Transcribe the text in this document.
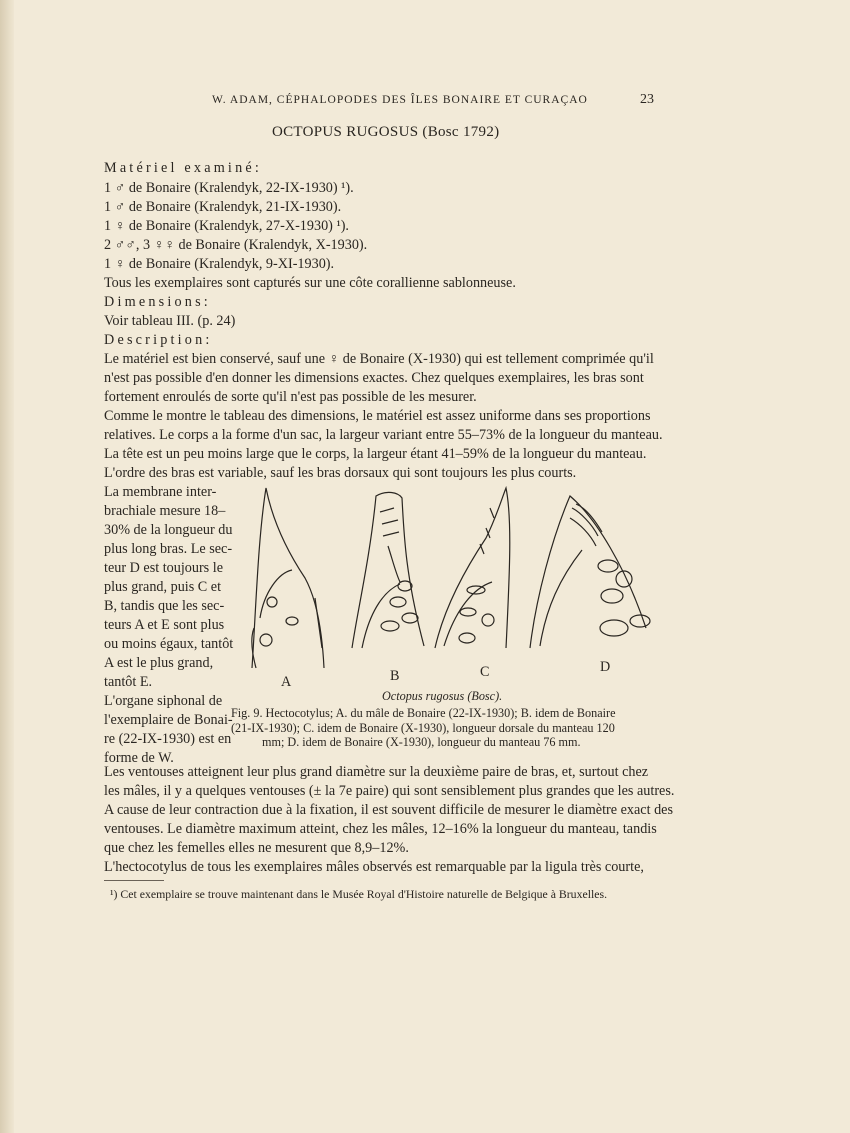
W. ADAM, CÉPHALOPODES DES ÎLES BONAIRE ET CURAÇAO	23
OCTOPUS RUGOSUS (Bosc 1792)
Matériel examiné:
1 ♂ de Bonaire (Kralendyk, 22-IX-1930) ¹).
1 ♂ de Bonaire (Kralendyk, 21-IX-1930).
1 ♀ de Bonaire (Kralendyk, 27-X-1930) ¹).
2 ♂♂, 3 ♀♀ de Bonaire (Kralendyk, X-1930).
1 ♀ de Bonaire (Kralendyk, 9-XI-1930).
Tous les exemplaires sont capturés sur une côte corallienne sablonneuse.
Dimensions:
Voir tableau III. (p. 24)
Description:
Le matériel est bien conservé, sauf une ♀ de Bonaire (X-1930) qui est tellement comprimée qu'il
n'est pas possible d'en donner les dimensions exactes. Chez quelques exemplaires, les bras sont
fortement enroulés de sorte qu'il n'est pas possible de les mesurer.
Comme le montre le tableau des dimensions, le matériel est assez uniforme dans ses proportions
relatives. Le corps a la forme d'un sac, la largeur variant entre 55–73% de la longueur du manteau.
La tête est un peu moins large que le corps, la largeur étant 41–59% de la longueur du manteau.
L'ordre des bras est variable, sauf les bras dorsaux qui sont toujours les plus courts.
La membrane inter-
brachiale mesure 18–
30% de la longueur du
plus long bras. Le sec-
teur D est toujours le
plus grand, puis C et
B, tandis que les sec-
teurs A et E sont plus
ou moins égaux, tantôt
A est le plus grand,
tantôt E.
L'organe siphonal de
l'exemplaire de Bonai-
re (22-IX-1930) est en
forme de W.
A	B	C	D
Octopus rugosus (Bosc).
Fig. 9. Hectocotylus; A. du mâle de Bonaire (22-IX-1930); B. idem de Bonaire
(21-IX-1930); C. idem de Bonaire (X-1930), longueur dorsale du manteau 120
mm; D. idem de Bonaire (X-1930), longueur du manteau 76 mm.
Les ventouses atteignent leur plus grand diamètre sur la deuxième paire de bras, et, surtout chez
les mâles, il y a quelques ventouses (± la 7e paire) qui sont sensiblement plus grandes que les autres.
A cause de leur contraction due à la fixation, il est souvent difficile de mesurer le diamètre exact des
ventouses. Le diamètre maximum atteint, chez les mâles, 12–16% la longueur du manteau, tandis
que chez les femelles elles ne mesurent que 8,9–12%.
L'hectocotylus de tous les exemplaires mâles observés est remarquable par la ligula très courte,
¹) Cet exemplaire se trouve maintenant dans le Musée Royal d'Histoire naturelle de Belgique à Bruxelles.
